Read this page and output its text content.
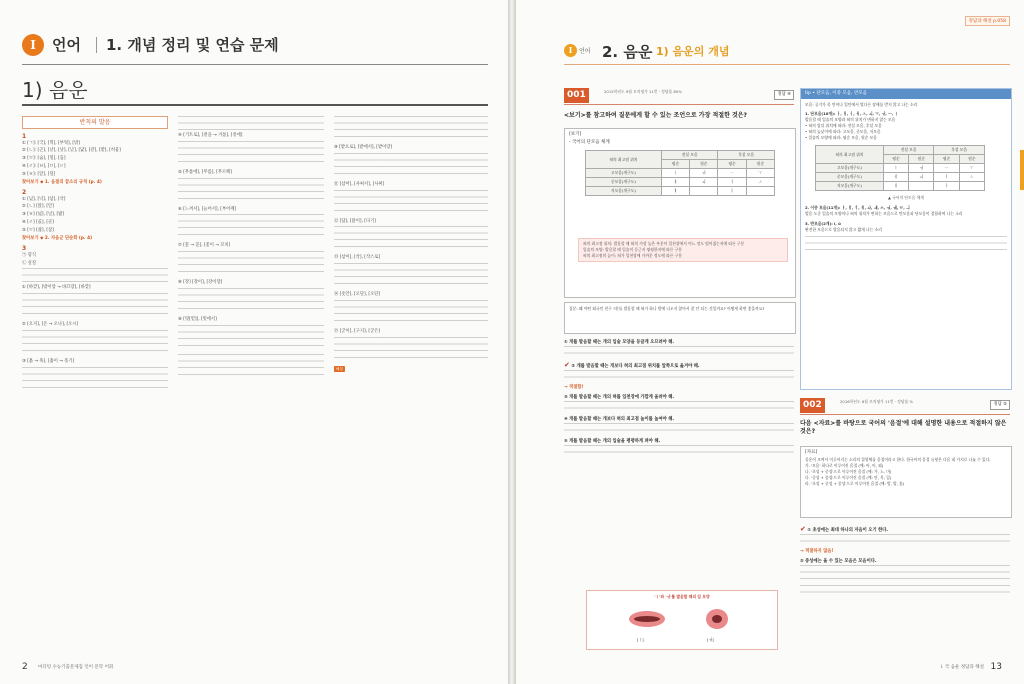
I	언어 1. 개념 정리 및 연습 문제
1) 음운
반칙의 발음
1

① [ㄱ]: [국], [먹], [부엌], [밖]

② [ㄴ]: [곤], [낟], [낫], [낮], [닻], [같], [밭], [히읗]

③ [ㅁ]: [숨], [잎], [읖]

④ [ㄹ]: [ㅂ], [ㅁ], [ㄹ]

⑤ [ㅂ]: [앞], [덮]

찾아보기 ◆ 1. 음절의 끝소리 규칙 (p. 4)

2

① [넋], [넉], [삯], [삭]

② [ㄴ] [앉], [안]

③ [ㅂ] [넓], [널], [밟]

④ [ㄹ] [곬], [골]

⑤ [ㅁ] [삶], [삼]

찾아보기 ◆ 2. 자음군 단순화 (p. 4)

3

㉠ 형식

㉡ 실질

① [바깥], [밖이랑 → 바끄랑], [바깥]

② [오지], [온 → 오나], [오시]

③ [흙 → 흑], [흙이 → 흘기]

④ [거트로], [곁을 → 겨틀], [겉에]

⑤ [무릎에], [무릅], [무르페]

⑥ [느껴서], [늙어서], [부어께]

⑦ [꽃 → 꼳], [꽃이 → 꼬치]

⑧ [강] [강이], [강이랑]

⑨ [빗[빋]], [빗에서]

⑩ [밭으로], [밭에서], [밭이랑]

⑪ [샀어], [사써서], [사써]

⑫ [담], [닭이], [다기]

⑬ [삯이], [삭], [삭스로]

⑭ [옷안], [오단], [오단]

⑮ [굳이], [구지], [굳은]

해설

2 마더텅 수능기출문제집 언어 문학 어휘
정답과 해설 p.058
I	언어 2. 음운 1) 음운의 개념
001	2015학년도 9월 모의평가 11번 · 정답률 80%
정답 ④
<보기>를 참고하여 질문에게 할 수 있는 조언으로 가장 적절한 것은?
[보기]
- 국어의 단모음 체계
혀의 최고점 위치	전설 모음		후설 모음	
	평순	원순	평순	원순
고모음(개구도)	ㅣ	ㅟ	ㅡ	ㅜ
중모음(개구도)	ㅔ	ㅚ	ㅓ	ㅗ
저모음(개구도)	ㅐ		ㅏ	
혀의 최고점 위치: 발음할 때 혀의 가장 높은 부분이 입천장에서 어느 정도 떨어졌는지에 따른 구분
입술의 모양: 발음할 때 입술이 둥근지 평평한지에 따른 구분
혀의 최고점의 높이: 혀가 입천장에 가까운 정도에 따른 구분
질문: 왜 어떤 외국인 친구 '데'를 발음할 때 혀가 하나 밖에 나오지 않아서 잘 안 되는 것일까요? 어떻게 하면 좋을까요?
① 개를 발음할 때는 개의 입술 모양을 둥글게 오므려야 해.
✔ ② 개를 발음할 때는 개보다 혀의 최고점 위치를 앞쪽으로 옮겨야 해.
→ 적절함!
③ 개를 발음할 때는 개의 혀를 입천장에 가깝게 올려야 해.
④ 개를 발음할 때는 개보다 혀의 최고점 높이를 높여야 해.
⑤ 개를 발음할 때는 개의 입술을 평평하게 펴야 해.
'ㅣ'와 'ㅟ'를 발음할 때의 입 모양
[ㅣ]	[ㅟ]
tip • 단모음, 이중 모음, 반모음
모음: 공기가 목 안이나 입안에서 별다른 장애를 받지 않고 나는 소리
1. 단모음(10개): ㅏ, ㅐ, ㅓ, ㅔ, ㅗ, ㅚ, ㅜ, ㅟ, ㅡ, ㅣ
발음할 때 입술의 모양과 혀의 위치가 변하지 않는 모음
• 혀의 앞뒤 위치에 따라: 전설 모음, 후설 모음
• 혀의 높낮이에 따라: 고모음, 중모음, 저모음
• 입술의 모양에 따라: 평순 모음, 원순 모음
혀의 최고점 위치	전설 모음		후설 모음	
	평순	원순	평순	원순
고모음(개구도)	ㅣ	ㅟ	ㅡ	ㅜ
중모음(개구도)	ㅔ	ㅚ	ㅓ	ㅗ
저모음(개구도)	ㅐ		ㅏ	
▲ 국어의 단모음 체계
2. 이중 모음(11개): ㅑ, ㅒ, ㅕ, ㅖ, ㅘ, ㅙ, ㅛ, ㅝ, ㅞ, ㅠ, ㅢ
발음 도중 입술의 모양이나 혀의 위치가 변하는 모음으로 반모음과 단모음이 결합하여 나는 소리
3. 반모음(2개): ǐ, ŭ
완전한 모음으로 발음되지 않고 짧게 나는 소리
002	2016학년도 6월 모의평가 11번 · 정답률 %
정답 ⑤
다음 <자료>를 바탕으로 국어의 '음절'에 대해 설명한 내용으로 적절하지 않은 것은?
[자료]
음운이 모여서 이루어지는 소리의 결합체를 음절이라고 한다. 한국어의 음절 유형은 다음 네 가지로 나눌 수 있다.
가. '모음' 하나로 이루어진 음절 (예: 아, 이, 외)
나. '초성 + 중성'으로 이루어진 음절 (예: 가, 노, 머)
다. '중성 + 종성'으로 이루어진 음절 (예: 안, 옥, 잎)
라. '초성 + 중성 + 종성'으로 이루어진 음절 (예: 밤, 발, 꽃)
✔ ① 초성에는 최대 하나의 자음이 오기 한다.
→ 적절하지 않음!
② 중성에는 올 수 있는 모음은 모음이다.
13
I. 국 음운 정답과 해설
